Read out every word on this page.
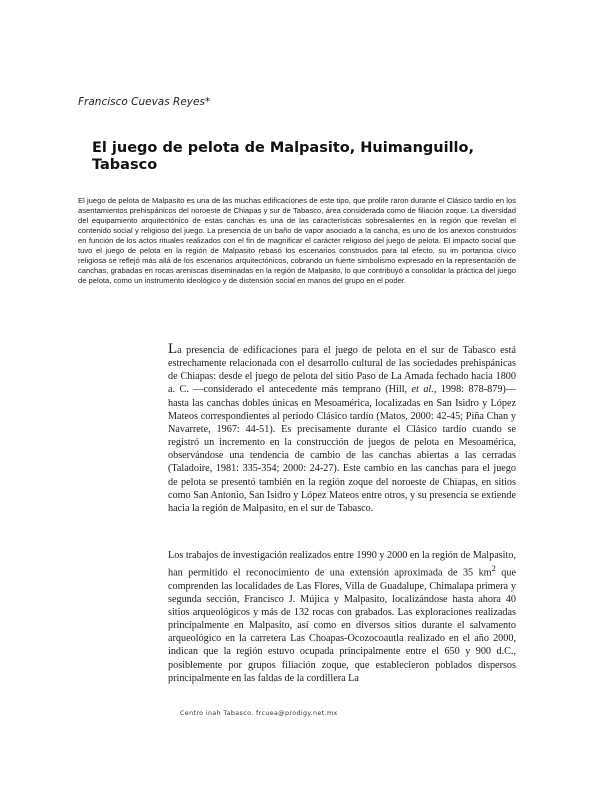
Francisco Cuevas Reyes*
El juego de pelota de Malpasito, Huimanguillo, Tabasco

El juego de pelota de Malpasito es una de las muchas edificaciones de este tipo, que prolife raron durante el Clásico tardío en los asentamientos prehispánicos del noroeste de Chiapas y sur de Tabasco, área considerada como de filiación zoque. La diversidad del equipamiento arquitectónico de estas canchas es una de las características sobresalientes en la región que revelan el contenido social y religioso del juego. La presencia de un baño de vapor asociado a la cancha, es uno de los anexos construidos en función de los actos rituales realizados con el fin de magnificar el carácter religioso del juego de pelota. El impacto social que tuvo el juego de pelota en la región de Malpasito rebasó los escenarios construidos para tal efecto, su im portancia cívico religiosa se reflejó más allá de los escenarios arquitectónicos, cobrando un fuerte simbolismo expresado en la representación de canchas, grabadas en rocas areniscas diseminadas en la región de Malpasito, lo que contribuyó a consolidar la práctica del juego de pelota, como un instrumento ideológico y de distensión social en manos del grupo en el poder.

La presencia de edificaciones para el juego de pelota en el sur de Tabasco está estrechamente relacionada con el desarrollo cultural de las sociedades prehispánicas de Chiapas: desde el juego de pelota del sitio Paso de La Amada fechado hacia 1800 a. C. —considerado el antecedente más temprano (Hill, et al., 1998: 878-879)— hasta las canchas dobles únicas en Mesoamérica, localizadas en San Isidro y López Mateos correspondientes al periodo Clásico tardío (Matos, 2000: 42-45; Piña Chan y Navarrete, 1967: 44-51). Es precisamente durante el Clásico tardío cuando se registró un incremento en la construcción de juegos de pelota en Mesoamérica, observándose una tendencia de cambio de las canchas abiertas a las cerradas (Taladoire, 1981: 335-354; 2000: 24-27). Este cambio en las canchas para el juego de pelota se presentó también en la región zoque del noroeste de Chiapas, en sitios como San Antonio, San Isidro y López Mateos entre otros, y su presencia se extiende hacia la región de Malpasito, en el sur de Tabasco.

Los trabajos de investigación realizados entre 1990 y 2000 en la región de Malpasito, han permitido el reconocimiento de una extensión aproximada de 35 $km^2$ que comprenden las localidades de Las Flores, Villa de Guadalupe, Chimalapa primera y segunda sección, Francisco J. Mújica y Malpasito, localizándose hasta ahora 40 sitios arqueológicos y más de 132 rocas con grabados. Las exploraciones realizadas principalmente en Malpasito, así como en diversos sitios durante el salvamento arqueológico en la carretera Las Choapas-Ocozocoautla realizado en el año 2000, indican que la región estuvo ocupada principalmente entre el 650 y 900 d.C., posiblemente por grupos filiación zoque, que establecieron poblados dispersos principalmente en las faldas de la cordillera La

Centro inah Tabasco. frcuea@prodigy.net.mx
